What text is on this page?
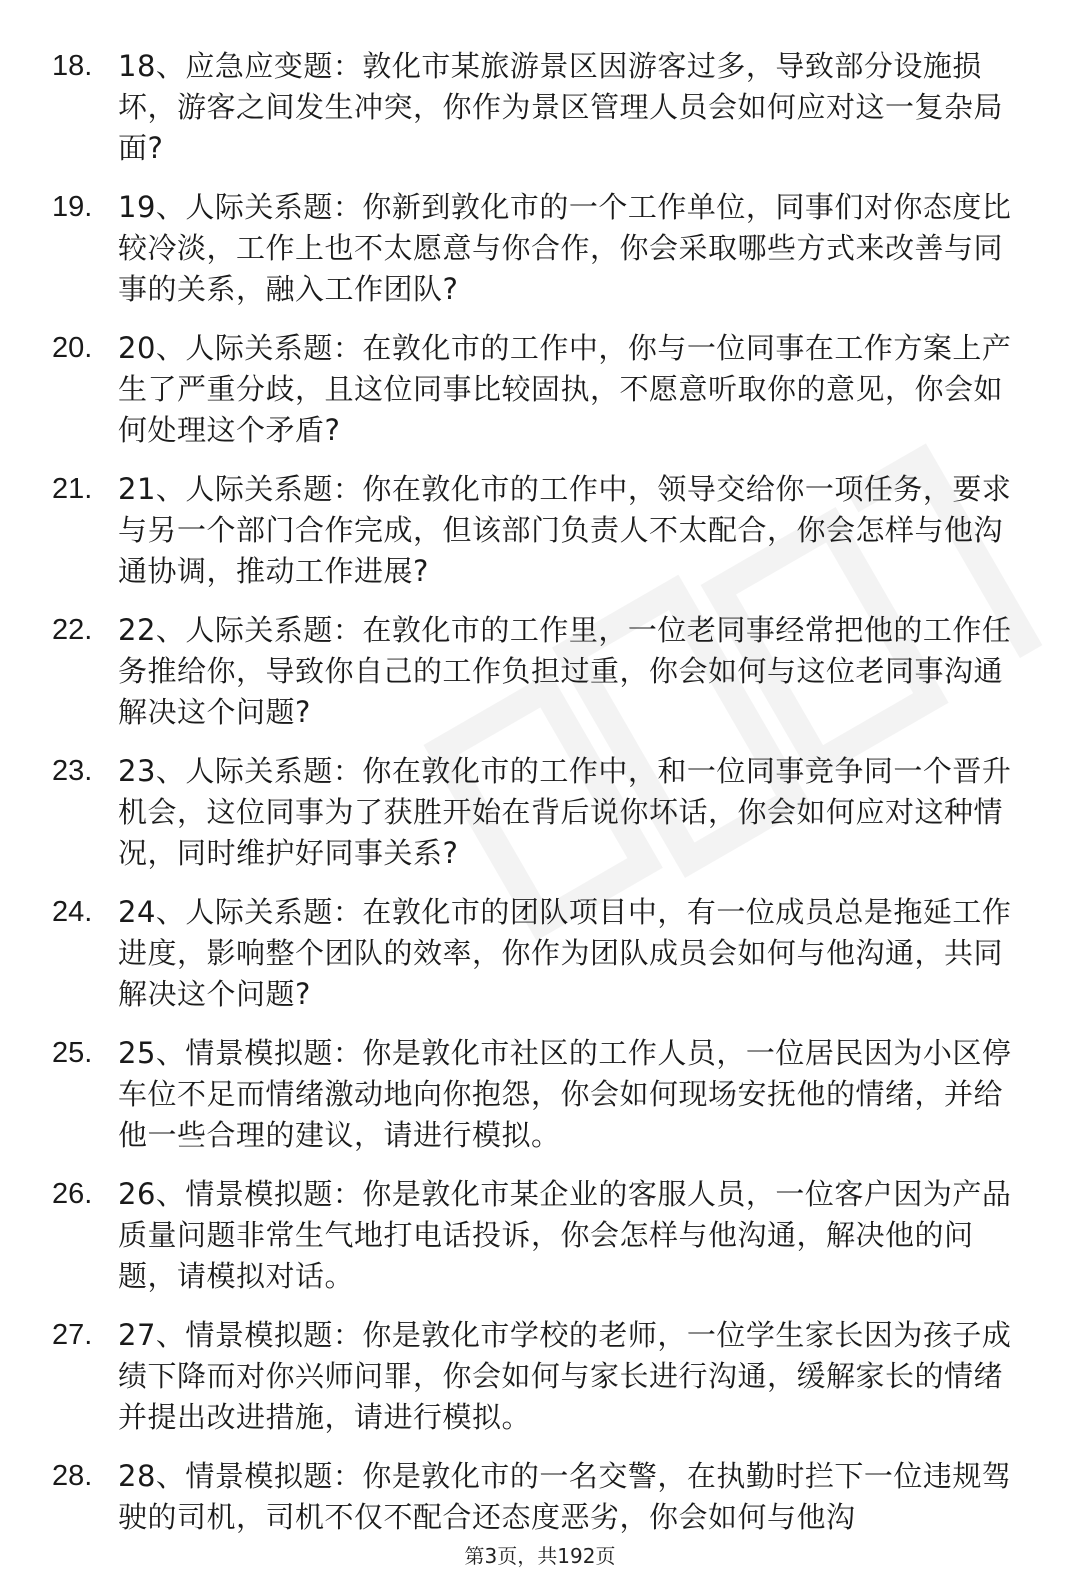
18. 18、应急应变题：敦化市某旅游景区因游客过多，导致部分设施损坏，游客之间发生冲突，你作为景区管理人员会如何应对这一复杂局面?
19. 19、人际关系题：你新到敦化市的一个工作单位，同事们对你态度比较冷淡，工作上也不太愿意与你合作，你会采取哪些方式来改善与同事的关系，融入工作团队?
20. 20、人际关系题：在敦化市的工作中，你与一位同事在工作方案上产生了严重分歧，且这位同事比较固执，不愿意听取你的意见，你会如何处理这个矛盾?
21. 21、人际关系题：你在敦化市的工作中，领导交给你一项任务，要求与另一个部门合作完成，但该部门负责人不太配合，你会怎样与他沟通协调，推动工作进展?
22. 22、人际关系题：在敦化市的工作里，一位老同事经常把他的工作任务推给你，导致你自己的工作负担过重，你会如何与这位老同事沟通解决这个问题?
23. 23、人际关系题：你在敦化市的工作中，和一位同事竞争同一个晋升机会，这位同事为了获胜开始在背后说你坏话，你会如何应对这种情况，同时维护好同事关系?
24. 24、人际关系题：在敦化市的团队项目中，有一位成员总是拖延工作进度，影响整个团队的效率，你作为团队成员会如何与他沟通，共同解决这个问题?
25. 25、情景模拟题：你是敦化市社区的工作人员，一位居民因为小区停车位不足而情绪激动地向你抱怨，你会如何现场安抚他的情绪，并给他一些合理的建议，请进行模拟。
26. 26、情景模拟题：你是敦化市某企业的客服人员，一位客户因为产品质量问题非常生气地打电话投诉，你会怎样与他沟通，解决他的问题，请模拟对话。
27. 27、情景模拟题：你是敦化市学校的老师，一位学生家长因为孩子成绩下降而对你兴师问罪，你会如何与家长进行沟通，缓解家长的情绪并提出改进措施，请进行模拟。
28. 28、情景模拟题：你是敦化市的一名交警，在执勤时拦下一位违规驾驶的司机，司机不仅不配合还态度恶劣，你会如何与他沟
第3页，共192页
